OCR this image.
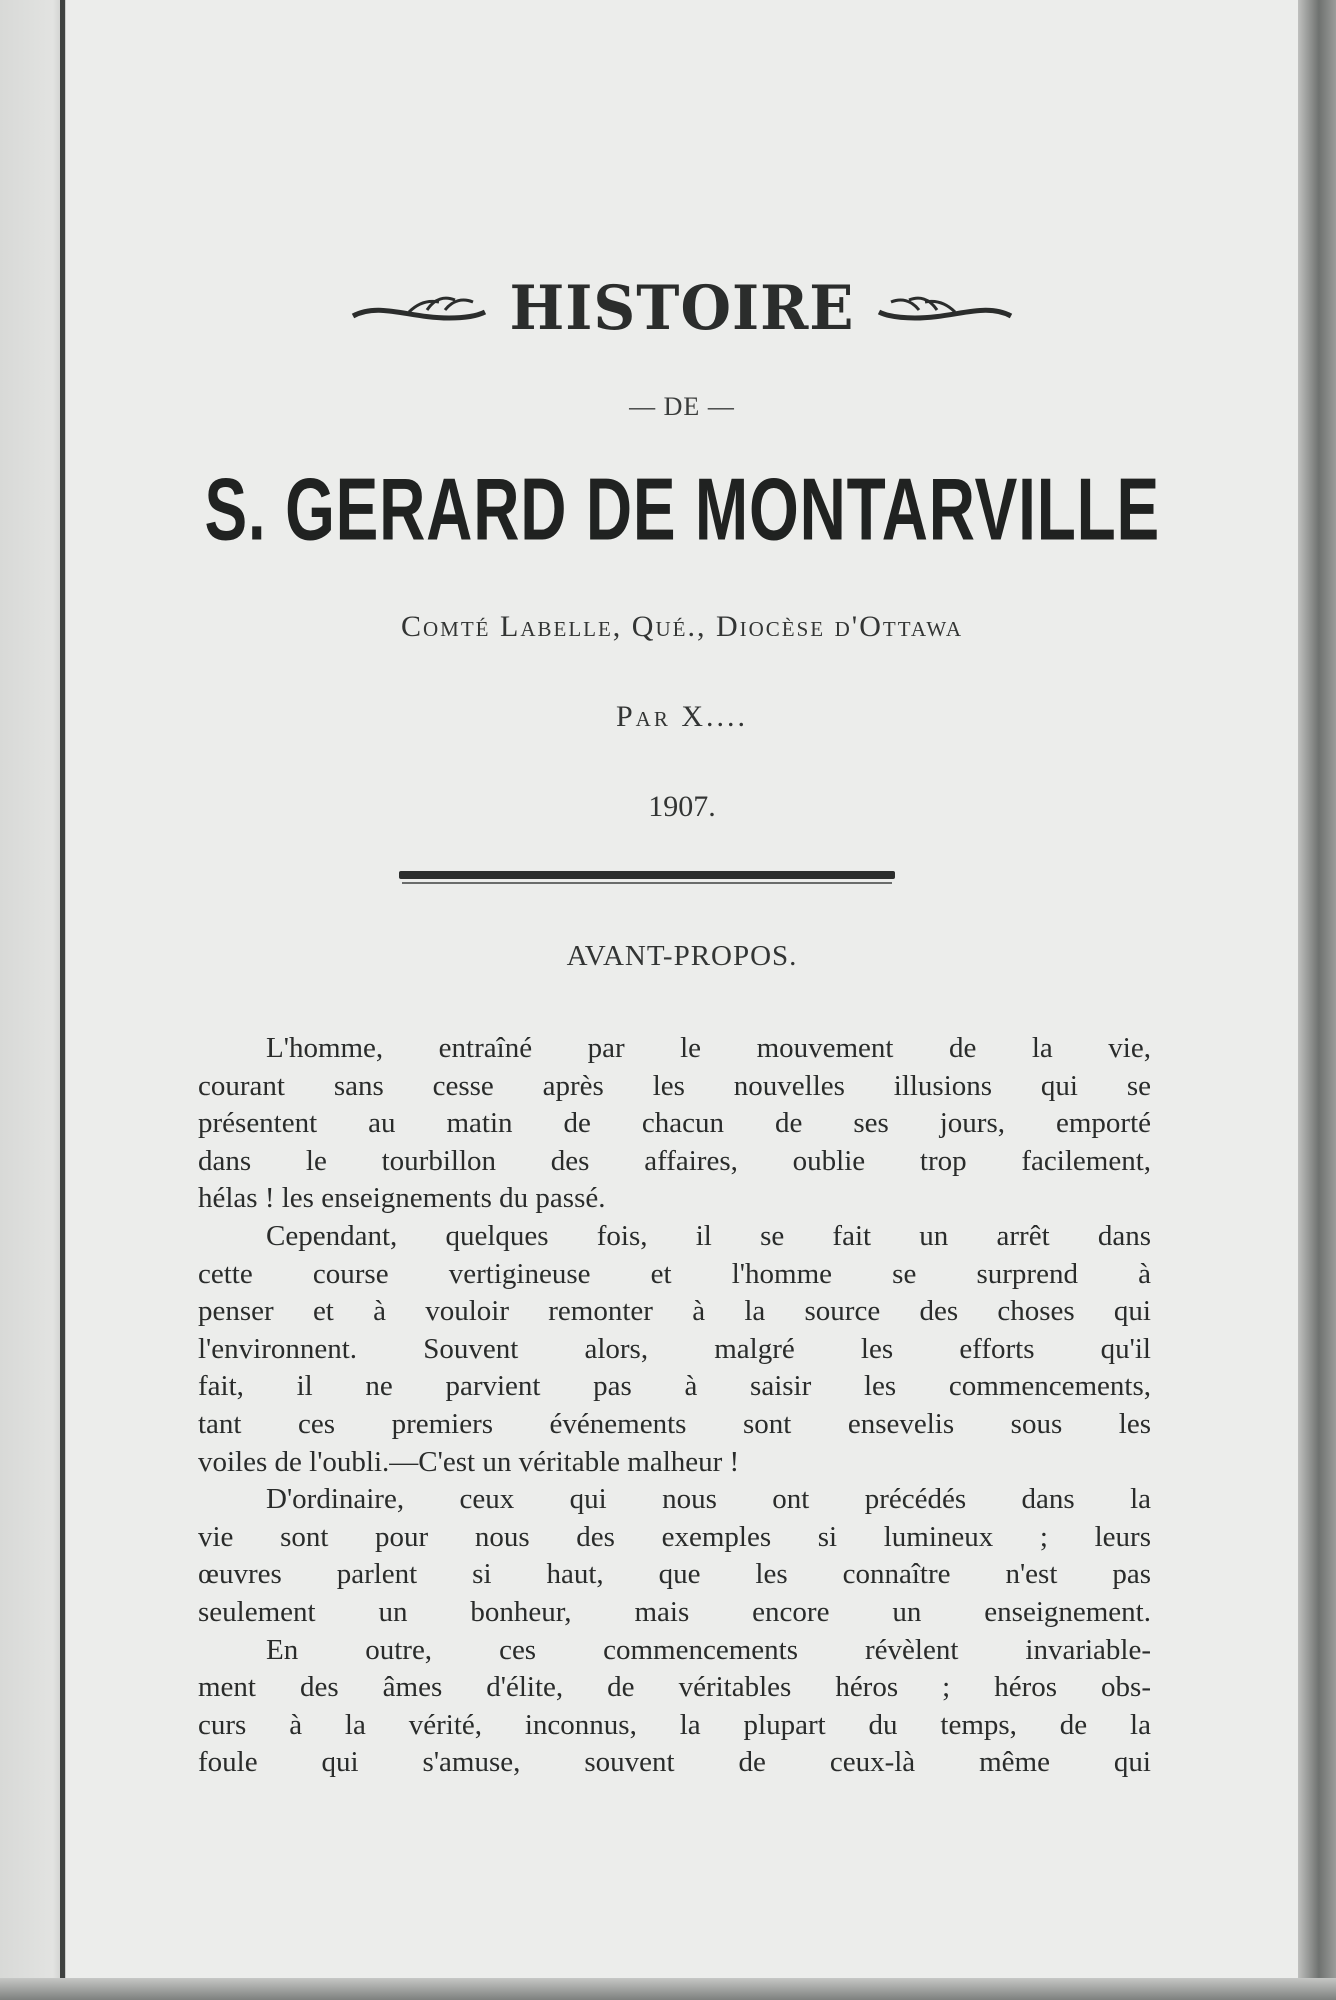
HISTOIRE
— DE —
S. GERARD DE MONTARVILLE
Comté Labelle, Qué., Diocèse d'Ottawa
Par X....
1907.
AVANT-PROPOS.
L'homme, entraîné par le mouvement de la vie,
courant sans cesse après les nouvelles illusions qui se
présentent au matin de chacun de ses jours, emporté
dans le tourbillon des affaires, oublie trop facilement,
hélas ! les enseignements du passé.
Cependant, quelques fois, il se fait un arrêt dans
cette course vertigineuse et l'homme se surprend à
penser et à vouloir remonter à la source des choses qui
l'environnent. Souvent alors, malgré les efforts qu'il
fait, il ne parvient pas à saisir les commencements,
tant ces premiers événements sont ensevelis sous les
voiles de l'oubli.—C'est un véritable malheur !
D'ordinaire, ceux qui nous ont précédés dans la
vie sont pour nous des exemples si lumineux ; leurs
œuvres parlent si haut, que les connaître n'est pas
seulement un bonheur, mais encore un enseignement.
En outre, ces commencements révèlent invariable-
ment des âmes d'élite, de véritables héros ; héros obs-
curs à la vérité, inconnus, la plupart du temps, de la
foule qui s'amuse, souvent de ceux-là même qui
